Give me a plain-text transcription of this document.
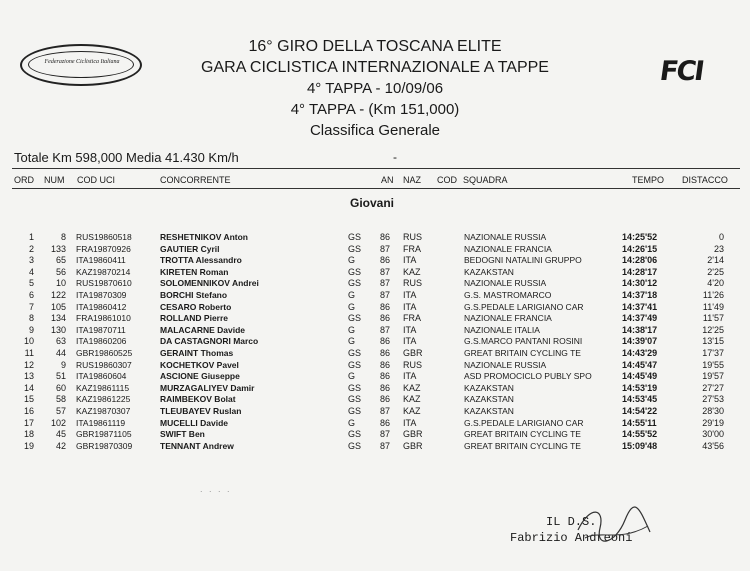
Federazione Ciclistica Italiana	FCI
16° GIRO DELLA TOSCANA ELITE
GARA CICLISTICA INTERNAZIONALE A TAPPE
4° TAPPA - 10/09/06
4° TAPPA - (Km 151,000)
Classifica Generale
Totale Km 598,000 Media 41.430 Km/h	-
ORD NUM COD UCI	CONCORRENTE	AN NAZ COD SQUADRA	TEMPO DISTACCO
Giovani
1	8 RUS19860518	RESHETNIKOV Anton	GS 86 RUS	NAZIONALE RUSSIA	14:25'52	0
2	133 FRA19870926	GAUTIER Cyril	GS 87 FRA	NAZIONALE FRANCIA	14:26'15	23
3	65 ITA19860411	TROTTA Alessandro	G	86 ITA	BEDOGNI NATALINI GRUPPO	14:28'06	2'14
4	56 KAZ19870214	KIRETEN Roman	GS 87 KAZ	KAZAKSTAN	14:28'17	2'25
5	10 RUS19870610	SOLOMENNIKOV Andrei	GS 87 RUS	NAZIONALE RUSSIA	14:30'12	4'20
6	122 ITA19870309	BORCHI Stefano	G	87 ITA	G.S. MASTROMARCO	14:37'18	11'26
7	105 ITA19860412	CESARO Roberto	G	86 ITA	G.S.PEDALE LARIGIANO CAR	14:37'41	11'49
8	134 FRA19861010	ROLLAND Pierre	GS 86 FRA	NAZIONALE FRANCIA	14:37'49	11'57
9	130 ITA19870711	MALACARNE Davide	G	87 ITA	NAZIONALE ITALIA	14:38'17	12'25
10	63 ITA19860206	DA CASTAGNORI Marco	G	86 ITA	G.S.MARCO PANTANI ROSINI	14:39'07	13'15
11	44 GBR19860525	GERAINT Thomas	GS 86 GBR	GREAT BRITAIN CYCLING TE	14:43'29	17'37
12	9 RUS19860307	KOCHETKOV Pavel	GS 86 RUS	NAZIONALE RUSSIA	14:45'47	19'55
13	51 ITA19860604	ASCIONE Giuseppe	G	86 ITA	ASD PROMOCICLO PUBLY SPO	14:45'49	19'57
14	60 KAZ19861115	MURZAGALIYEV Damir	GS 86 KAZ	KAZAKSTAN	14:53'19	27'27
15	58 KAZ19861225	RAIMBEKOV Bolat	GS 86 KAZ	KAZAKSTAN	14:53'45	27'53
16	57 KAZ19870307	TLEUBAYEV Ruslan	GS 87 KAZ	KAZAKSTAN	14:54'22	28'30
17	102 ITA19861119	MUCELLI Davide	G	86 ITA	G.S.PEDALE LARIGIANO CAR	14:55'11	29'19
18	45 GBR19871105	SWIFT Ben	GS 87 GBR	GREAT BRITAIN CYCLING TE	14:55'52	30'00
19	42 GBR19870309	TENNANT Andrew	GS 87 GBR	GREAT BRITAIN CYCLING TE	15:09'48	43'56
. . . .
IL D.S.
Fabrizio Andreoni
